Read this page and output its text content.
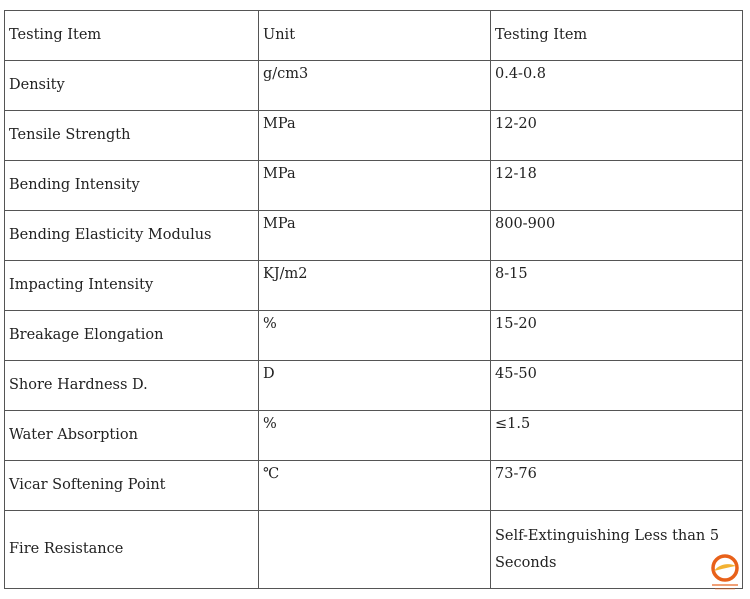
Testing Item	Unit	Testing Item
Density	g/cm3	0.4-0.8
Tensile Strength	MPa	12-20
Bending Intensity	MPa	12-18
Bending Elasticity Modulus	MPa	800-900
Impacting Intensity	KJ/m2	8-15
Breakage Elongation	%	15-20
Shore Hardness D.	D	45-50
Water Absorption	%	≤1.5
Vicar Softening Point	℃	73-76
Fire Resistance		Self-Extinguishing Less than 5 Seconds
